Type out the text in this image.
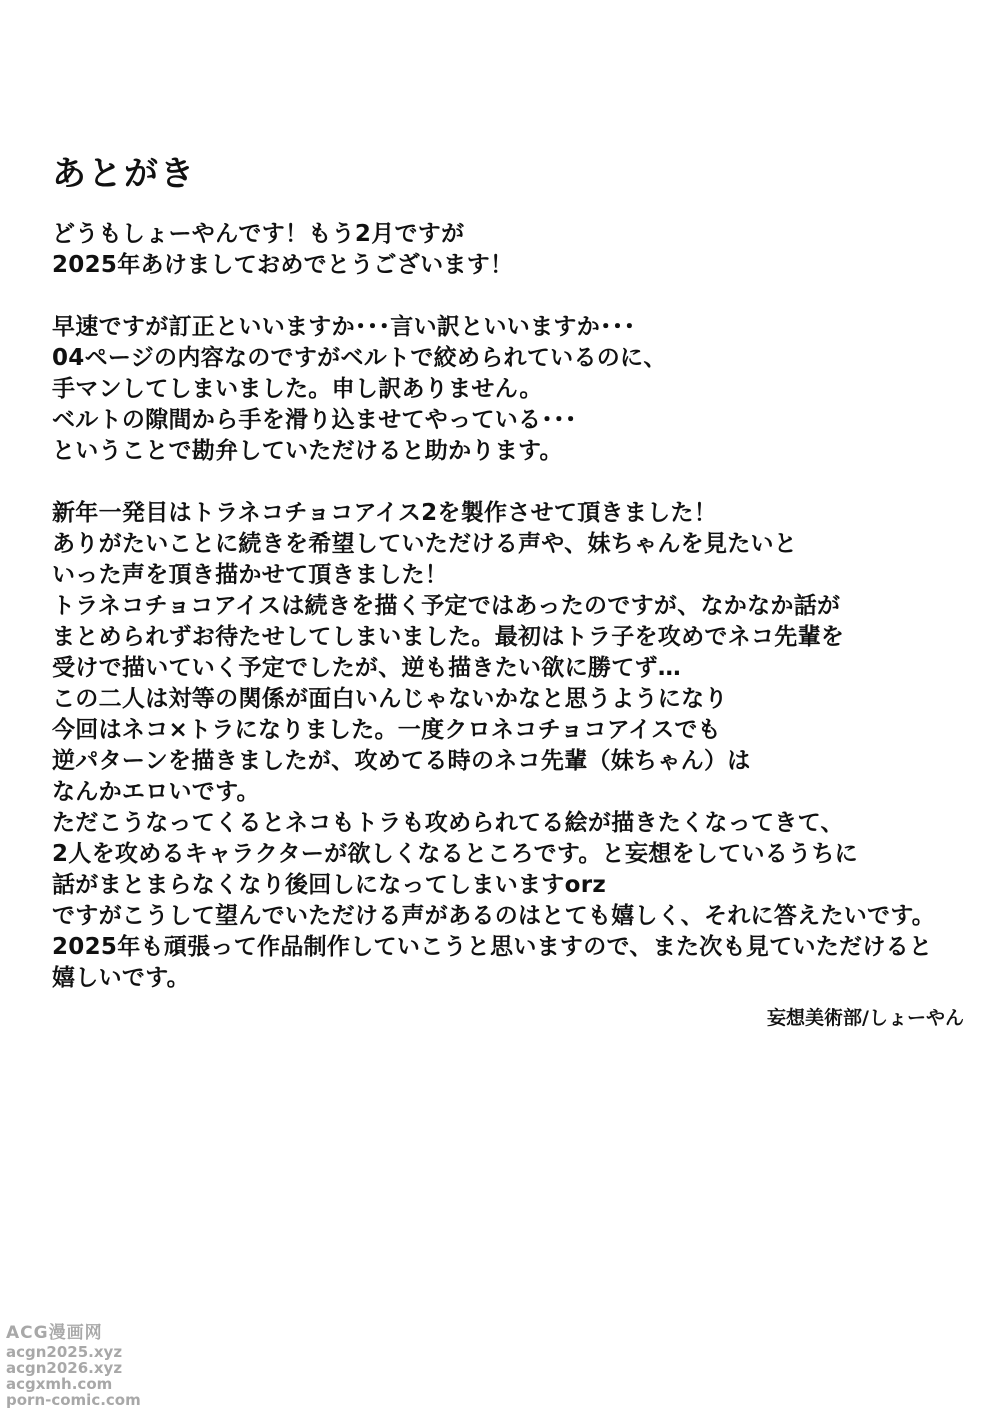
あとがき
どうもしょーやんです！もう2月ですが
2025年あけましておめでとうございます！
早速ですが訂正といいますか･･･言い訳といいますか･･･
04ページの内容なのですがベルトで絞められているのに、
手マンしてしまいました。申し訳ありません。
ベルトの隙間から手を滑り込ませてやっている･･･
ということで勘弁していただけると助かります。
新年一発目はトラネコチョコアイス2を製作させて頂きました！
ありがたいことに続きを希望していただける声や、妹ちゃんを見たいと
いった声を頂き描かせて頂きました！
トラネコチョコアイスは続きを描く予定ではあったのですが、なかなか話が
まとめられずお待たせしてしまいました。最初はトラ子を攻めでネコ先輩を
受けで描いていく予定でしたが、逆も描きたい欲に勝てず…
この二人は対等の関係が面白いんじゃないかなと思うようになり
今回はネコ×トラになりました。一度クロネコチョコアイスでも
逆パターンを描きましたが、攻めてる時のネコ先輩（妹ちゃん）は
なんかエロいです。
ただこうなってくるとネコもトラも攻められてる絵が描きたくなってきて、
2人を攻めるキャラクターが欲しくなるところです。と妄想をしているうちに
話がまとまらなくなり後回しになってしまいますorz
ですがこうして望んでいただける声があるのはとても嬉しく、それに答えたいです。
2025年も頑張って作品制作していこうと思いますので、また次も見ていただけると
嬉しいです。
妄想美術部/しょーやん
ACG漫画网
acgn2025.xyz
acgn2026.xyz
acgxmh.com
porn-comic.com
